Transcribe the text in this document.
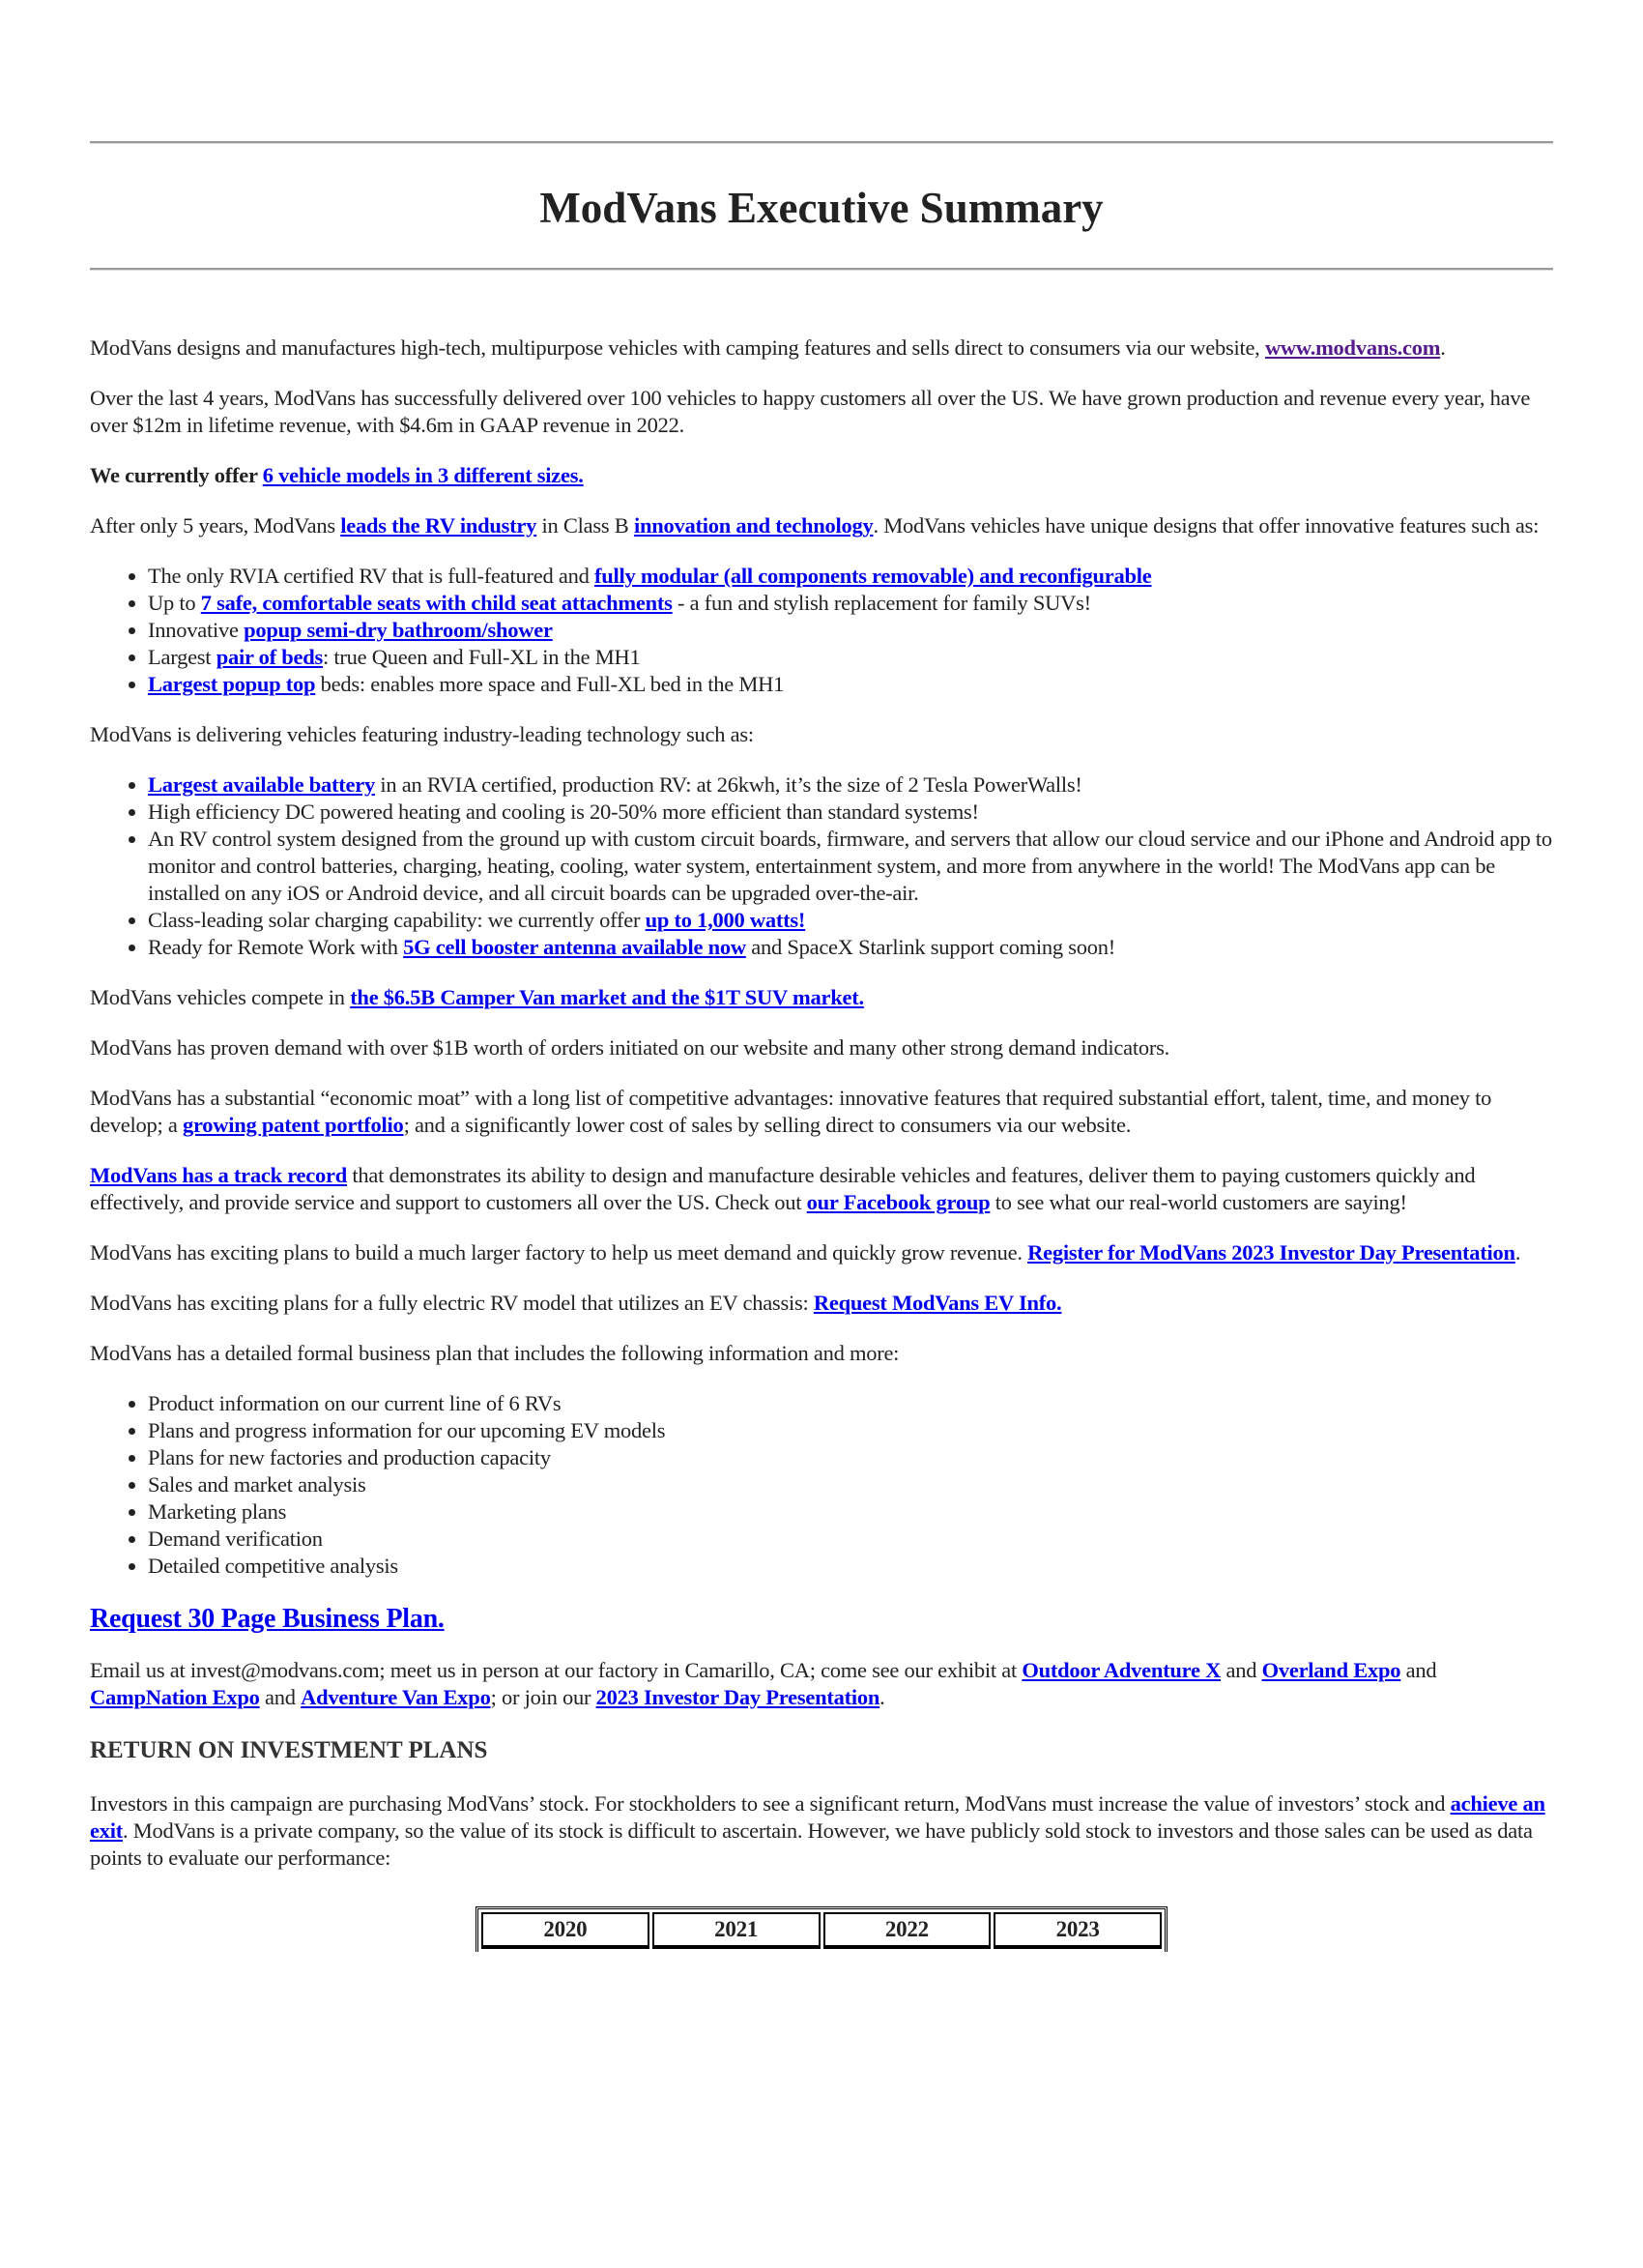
ModVans Executive Summary

ModVans designs and manufactures high-tech, multipurpose vehicles with camping features and sells direct to consumers via our website, www.modvans.com.

Over the last 4 years, ModVans has successfully delivered over 100 vehicles to happy customers all over the US. We have grown production and revenue every year, have over $12m in lifetime revenue, with $4.6m in GAAP revenue in 2022.

We currently offer 6 vehicle models in 3 different sizes.

After only 5 years, ModVans leads the RV industry in Class B innovation and technology. ModVans vehicles have unique designs that offer innovative features such as:

• The only RVIA certified RV that is full-featured and fully modular (all components removable) and reconfigurable
• Up to 7 safe, comfortable seats with child seat attachments - a fun and stylish replacement for family SUVs!
• Innovative popup semi-dry bathroom/shower
• Largest pair of beds: true Queen and Full-XL in the MH1
• Largest popup top beds: enables more space and Full-XL bed in the MH1

ModVans is delivering vehicles featuring industry-leading technology such as:

• Largest available battery in an RVIA certified, production RV: at 26kwh, it’s the size of 2 Tesla PowerWalls!
• High efficiency DC powered heating and cooling is 20-50% more efficient than standard systems!
• An RV control system designed from the ground up with custom circuit boards, firmware, and servers that allow our cloud service and our iPhone and Android app to monitor and control batteries, charging, heating, cooling, water system, entertainment system, and more from anywhere in the world! The ModVans app can be installed on any iOS or Android device, and all circuit boards can be upgraded over-the-air.
• Class-leading solar charging capability: we currently offer up to 1,000 watts!
• Ready for Remote Work with 5G cell booster antenna available now and SpaceX Starlink support coming soon!

ModVans vehicles compete in the $6.5B Camper Van market and the $1T SUV market.

ModVans has proven demand with over $1B worth of orders initiated on our website and many other strong demand indicators.

ModVans has a substantial “economic moat” with a long list of competitive advantages: innovative features that required substantial effort, talent, time, and money to develop; a growing patent portfolio; and a significantly lower cost of sales by selling direct to consumers via our website.

ModVans has a track record that demonstrates its ability to design and manufacture desirable vehicles and features, deliver them to paying customers quickly and effectively, and provide service and support to customers all over the US. Check out our Facebook group to see what our real-world customers are saying!

ModVans has exciting plans to build a much larger factory to help us meet demand and quickly grow revenue. Register for ModVans 2023 Investor Day Presentation.

ModVans has exciting plans for a fully electric RV model that utilizes an EV chassis: Request ModVans EV Info.

ModVans has a detailed formal business plan that includes the following information and more:

• Product information on our current line of 6 RVs
• Plans and progress information for our upcoming EV models
• Plans for new factories and production capacity
• Sales and market analysis
• Marketing plans
• Demand verification
• Detailed competitive analysis
Request 30 Page Business Plan.

Email us at invest@modvans.com; meet us in person at our factory in Camarillo, CA; come see our exhibit at Outdoor Adventure X and Overland Expo and CampNation Expo and Adventure Van Expo; or join our 2023 Investor Day Presentation.

RETURN ON INVESTMENT PLANS

Investors in this campaign are purchasing ModVans’ stock. For stockholders to see a significant return, ModVans must increase the value of investors’ stock and achieve an exit. ModVans is a private company, so the value of its stock is difficult to ascertain. However, we have publicly sold stock to investors and those sales can be used as data points to evaluate our performance:

2020	2021	2022	2023
